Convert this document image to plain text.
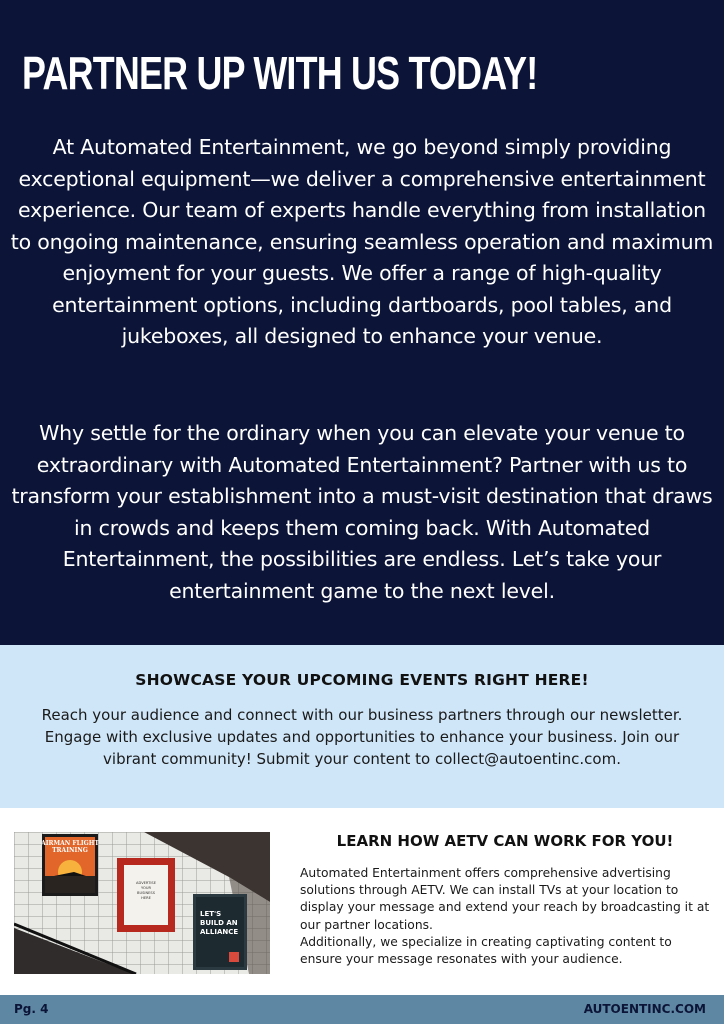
PARTNER UP WITH US TODAY!

At Automated Entertainment, we go beyond simply providing exceptional equipment—we deliver a comprehensive entertainment experience. Our team of experts handle everything from installation to ongoing maintenance, ensuring seamless operation and maximum enjoyment for your guests. We offer a range of high-quality entertainment options, including dartboards, pool tables, and jukeboxes, all designed to enhance your venue.

Why settle for the ordinary when you can elevate your venue to extraordinary with Automated Entertainment? Partner with us to transform your establishment into a must-visit destination that draws in crowds and keeps them coming back. With Automated Entertainment, the possibilities are endless. Let’s take your entertainment game to the next level.

SHOWCASE YOUR UPCOMING EVENTS RIGHT HERE!

Reach your audience and connect with our business partners through our newsletter. Engage with exclusive updates and opportunities to enhance your business. Join our vibrant community! Submit your content to collect@autoentinc.com.

AIRMAN FLIGHT
TRAINING
ADVERTISE
YOUR
BUSINESS
HERE
LET'S
BUILD AN
ALLIANCE
LEARN HOW AETV CAN WORK FOR YOU!

Automated Entertainment offers comprehensive advertising solutions through AETV. We can install TVs at your location to display your message and extend your reach by broadcasting it at our partner locations.

Additionally, we specialize in creating captivating content to ensure your message resonates with your audience.

Pg. 4	AUTOENTINC.COM
